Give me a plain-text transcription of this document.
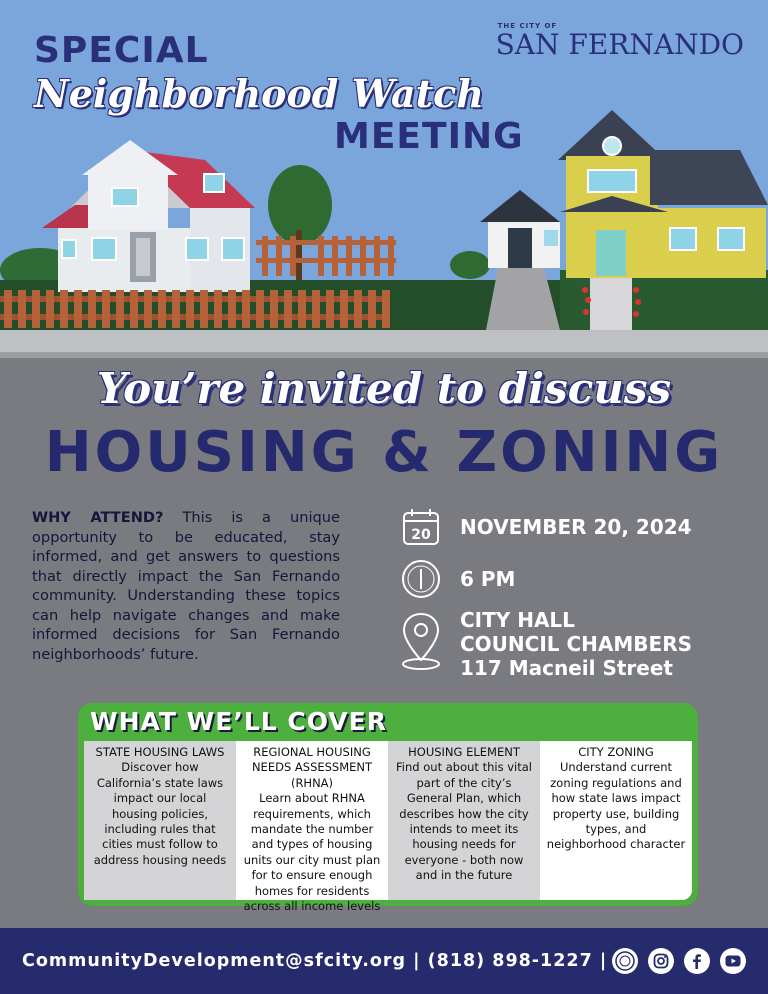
SPECIAL
Neighborhood Watch
MEETING
THE CITY OF
SAN FERNANDO
You’re invited to discuss
HOUSING & ZONING
WHY ATTEND? This is a unique opportunity to be educated, stay informed, and get answers to questions that directly impact the San Fernando community. Understanding these topics can help navigate changes and make informed decisions for San Fernando neighborhoods’ future.
20 NOVEMBER 20, 2024
6 PM
CITY HALL
COUNCIL CHAMBERS
117 Macneil Street
WHAT WE’LL COVER
STATE HOUSING LAWS
Discover how California’s state laws impact our local housing policies, including rules that cities must follow to address housing needs
REGIONAL HOUSING NEEDS ASSESSMENT (RHNA)
Learn about RHNA requirements, which mandate the number and types of housing units our city must plan for to ensure enough homes for residents across all income levels
HOUSING ELEMENT
Find out about this vital part of the city’s General Plan, which describes how the city intends to meet its housing needs for everyone - both now and in the future
CITY ZONING
Understand current zoning regulations and how state laws impact property use, building types, and neighborhood character
CommunityDevelopment@sfcity.org | (818) 898-1227 |
